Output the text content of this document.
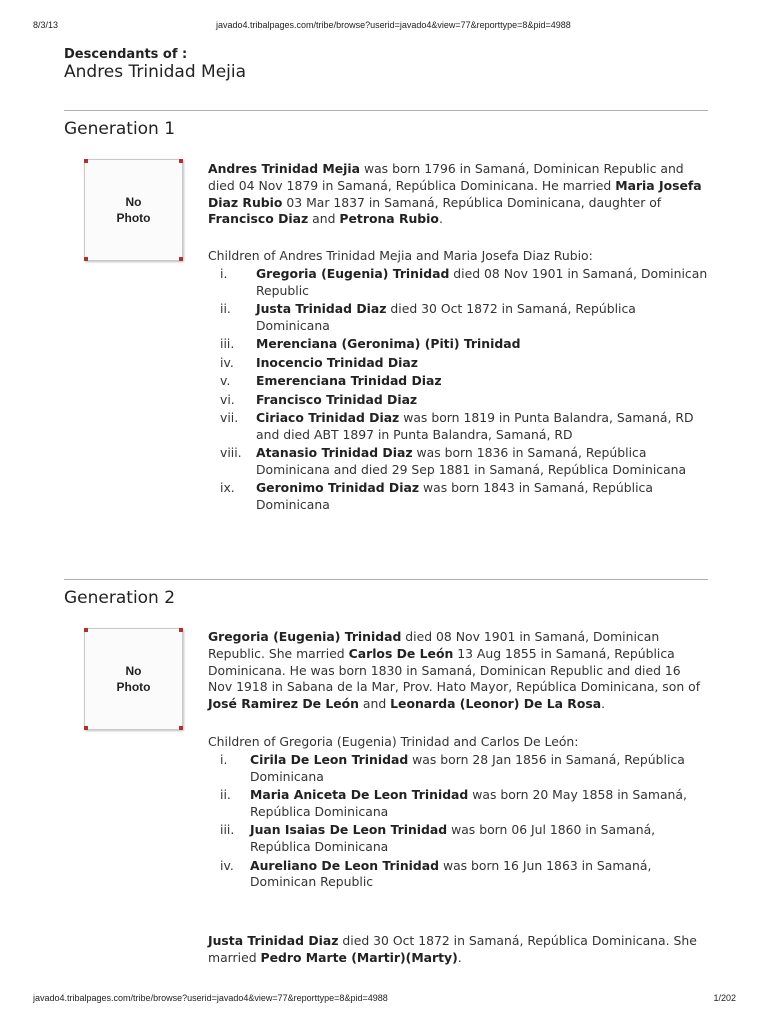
8/3/13	javado4.tribalpages.com/tribe/browse?userid=javado4&view=77&reporttype=8&pid=4988
Descendants of :
Andres Trinidad Mejia
Generation 1
No
Photo
Andres Trinidad Mejia was born 1796 in Samaná, Dominican Republic and died 04 Nov 1879 in Samaná, República Dominicana. He married Maria Josefa Diaz Rubio 03 Mar 1837 in Samaná, República Dominicana, daughter of Francisco Diaz and Petrona Rubio.
Children of Andres Trinidad Mejia and Maria Josefa Diaz Rubio:
i. Gregoria (Eugenia) Trinidad died 08 Nov 1901 in Samaná, Dominican Republic
ii. Justa Trinidad Diaz died 30 Oct 1872 in Samaná, República Dominicana
iii. Merenciana (Geronima) (Piti) Trinidad
iv. Inocencio Trinidad Diaz
v. Emerenciana Trinidad Diaz
vi. Francisco Trinidad Diaz
vii. Ciriaco Trinidad Diaz was born 1819 in Punta Balandra, Samaná, RD and died ABT 1897 in Punta Balandra, Samaná, RD
viii. Atanasio Trinidad Diaz was born 1836 in Samaná, República Dominicana and died 29 Sep 1881 in Samaná, República Dominicana
ix. Geronimo Trinidad Diaz was born 1843 in Samaná, República Dominicana
Generation 2
No
Photo
Gregoria (Eugenia) Trinidad died 08 Nov 1901 in Samaná, Dominican Republic. She married Carlos De León 13 Aug 1855 in Samaná, República Dominicana. He was born 1830 in Samaná, Dominican Republic and died 16 Nov 1918 in Sabana de la Mar, Prov. Hato Mayor, República Dominicana, son of José Ramirez De León and Leonarda (Leonor) De La Rosa.
Children of Gregoria (Eugenia) Trinidad and Carlos De León:
i. Cirila De Leon Trinidad was born 28 Jan 1856 in Samaná, República Dominicana
ii. Maria Aniceta De Leon Trinidad was born 20 May 1858 in Samaná, República Dominicana
iii. Juan Isaias De Leon Trinidad was born 06 Jul 1860 in Samaná, República Dominicana
iv. Aureliano De Leon Trinidad was born 16 Jun 1863 in Samaná, Dominican Republic
Justa Trinidad Diaz died 30 Oct 1872 in Samaná, República Dominicana. She married Pedro Marte (Martir)(Marty).
javado4.tribalpages.com/tribe/browse?userid=javado4&view=77&reporttype=8&pid=4988	1/202
